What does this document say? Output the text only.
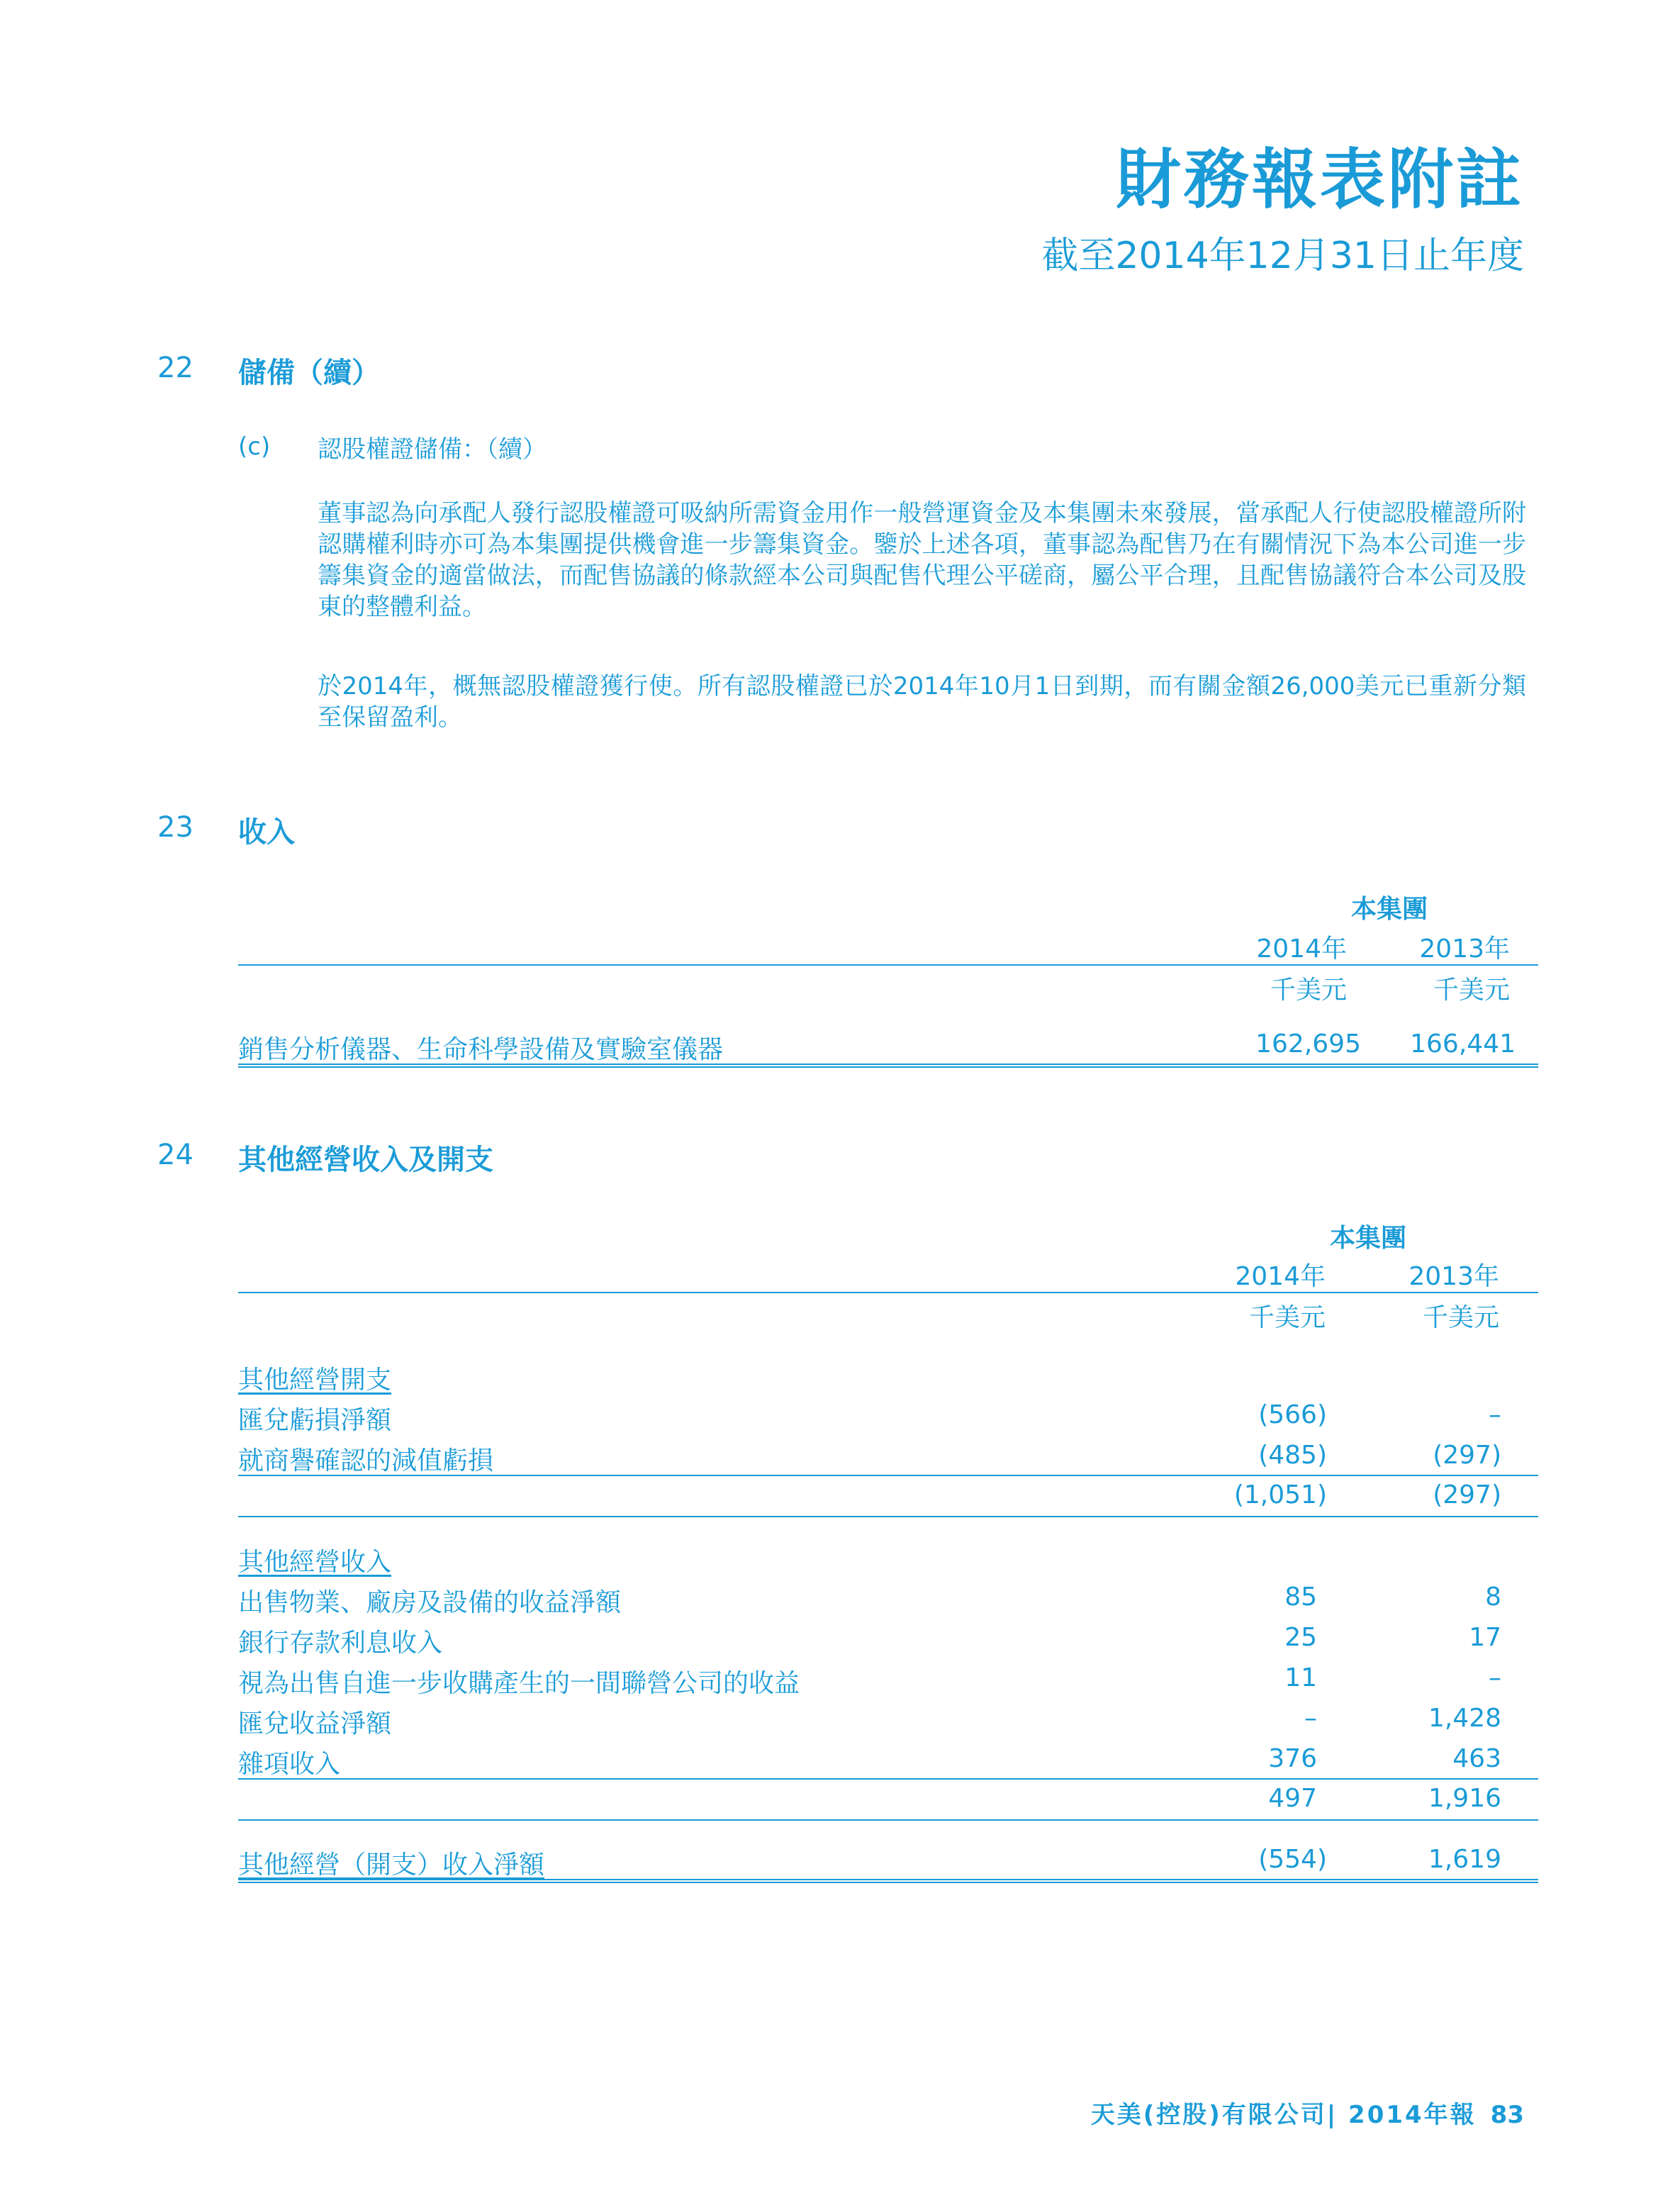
財務報表附註
截至2014年12月31日止年度
22 儲備（續）
(c) 認股權證儲備：（續）
董事認為向承配人發行認股權證可吸納所需資金用作一般營運資金及本集團未來發展，當承配人行使認股權證所附認購權利時亦可為本集團提供機會進一步籌集資金。鑒於上述各項，董事認為配售乃在有關情況下為本公司進一步籌集資金的適當做法，而配售協議的條款經本公司與配售代理公平磋商，屬公平合理，且配售協議符合本公司及股東的整體利益。
於2014年，概無認股權證獲行使。所有認股權證已於2014年10月1日到期，而有關金額26,000美元已重新分類至保留盈利。
23 收入
本集團
2014年	2013年
千美元	千美元
銷售分析儀器、生命科學設備及實驗室儀器	162,695	166,441
24 其他經營收入及開支
本集團
2014年	2013年
千美元	千美元
其他經營開支
匯兌虧損淨額	(566)	–
就商譽確認的減值虧損	(485)	(297)
(1,051)	(297)
其他經營收入
出售物業、廠房及設備的收益淨額	85	8
銀行存款利息收入	25	17
視為出售自進一步收購產生的一間聯營公司的收益	11	–
匯兌收益淨額	–	1,428
雜項收入	376	463
497	1,916
其他經營（開支）收入淨額	(554)	1,619
天美(控股)有限公司| 2014年報 83
